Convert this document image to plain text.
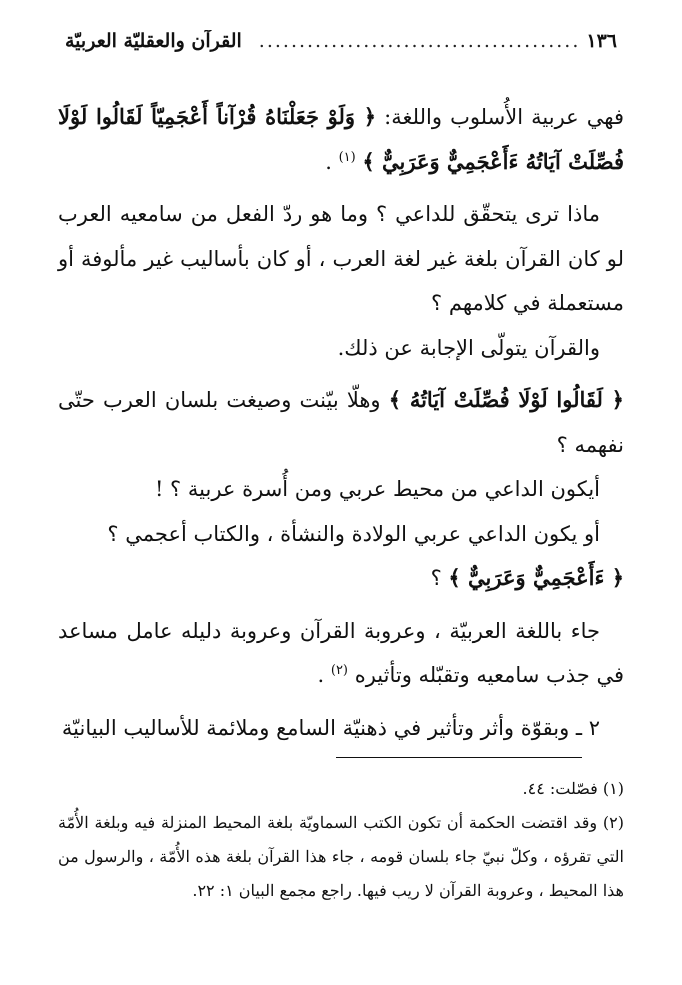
١٣٦
........................................
القرآن والعقليّة العربيّة

فهي عربية الأُسلوب واللغة: ﴿ وَلَوْ جَعَلْنَاهُ قُرْآناً أَعْجَمِيّاً لَقَالُوا لَوْلَا فُصِّلَتْ آيَاتُهُ ءَأَعْجَمِيٌّ وَعَرَبِيٌّ ﴾ $^{(١)}$ .

ماذا ترى يتحقّق للداعي ؟ وما هو ردّ الفعل من سامعيه العرب لو كان القرآن بلغة غير لغة العرب ، أو كان بأساليب غير مألوفة أو مستعملة في كلامهم ؟

والقرآن يتولّى الإجابة عن ذلك.

﴿ لَقَالُوا لَوْلَا فُصِّلَتْ آيَاتُهُ ﴾ وهلّا بيّنت وصيغت بلسان العرب حتّى نفهمه ؟

أيكون الداعي من محيط عربي ومن أُسرة عربية ؟ !

أو يكون الداعي عربي الولادة والنشأة ، والكتاب أعجمي ؟

﴿ ءَأَعْجَمِيٌّ وَعَرَبِيٌّ ﴾ ؟

جاء باللغة العربيّة ، وعروبة القرآن وعروبة دليله عامل مساعد في جذب سامعيه وتقبّله وتأثيره $^{(٢)}$ .

٢ ـ وبقوّة وأثر وتأثير في ذهنيّة السامع وملائمة للأساليب البيانيّة

(١) فصّلت: ٤٤.

(٢) وقد اقتضت الحكمة أن تكون الكتب السماويّة بلغة المحيط المنزلة فيه وبلغة الأُمّة التي تقرؤه ، وكلّ نبيّ جاء بلسان قومه ، جاء هذا القرآن بلغة هذه الأُمّة ، والرسول من هذا المحيط ، وعروبة القرآن لا ريب فيها. راجع مجمع البيان ١: ٢٢.
